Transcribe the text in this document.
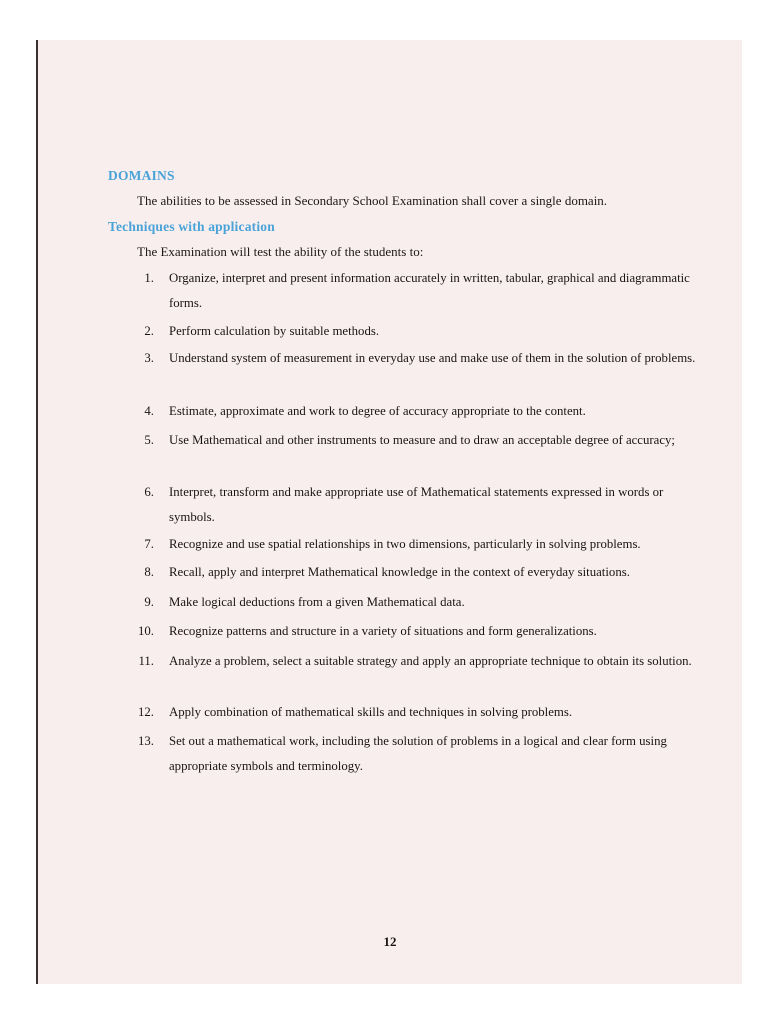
DOMAINS
The abilities to be assessed in Secondary School Examination shall cover a single domain.
Techniques with application
The Examination will test the ability of the students to:
1. Organize, interpret and present information accurately in written, tabular, graphical and diagrammatic forms.
2. Perform calculation by suitable methods.
3. Understand system of measurement in everyday use and make use of them in the solution of problems.
4. Estimate, approximate and work to degree of accuracy appropriate to the content.
5. Use Mathematical and other instruments to measure and to draw an acceptable degree of accuracy;
6. Interpret, transform and make appropriate use of Mathematical statements expressed in words or symbols.
7. Recognize and use spatial relationships in two dimensions, particularly in solving problems.
8. Recall, apply and interpret Mathematical knowledge in the context of everyday situations.
9. Make logical deductions from a given Mathematical data.
10. Recognize patterns and structure in a variety of situations and form generalizations.
11. Analyze a problem, select a suitable strategy and apply an appropriate technique to obtain its solution.
12. Apply combination of mathematical skills and techniques in solving problems.
13. Set out a mathematical work, including the solution of problems in a logical and clear form using appropriate symbols and terminology.
12
